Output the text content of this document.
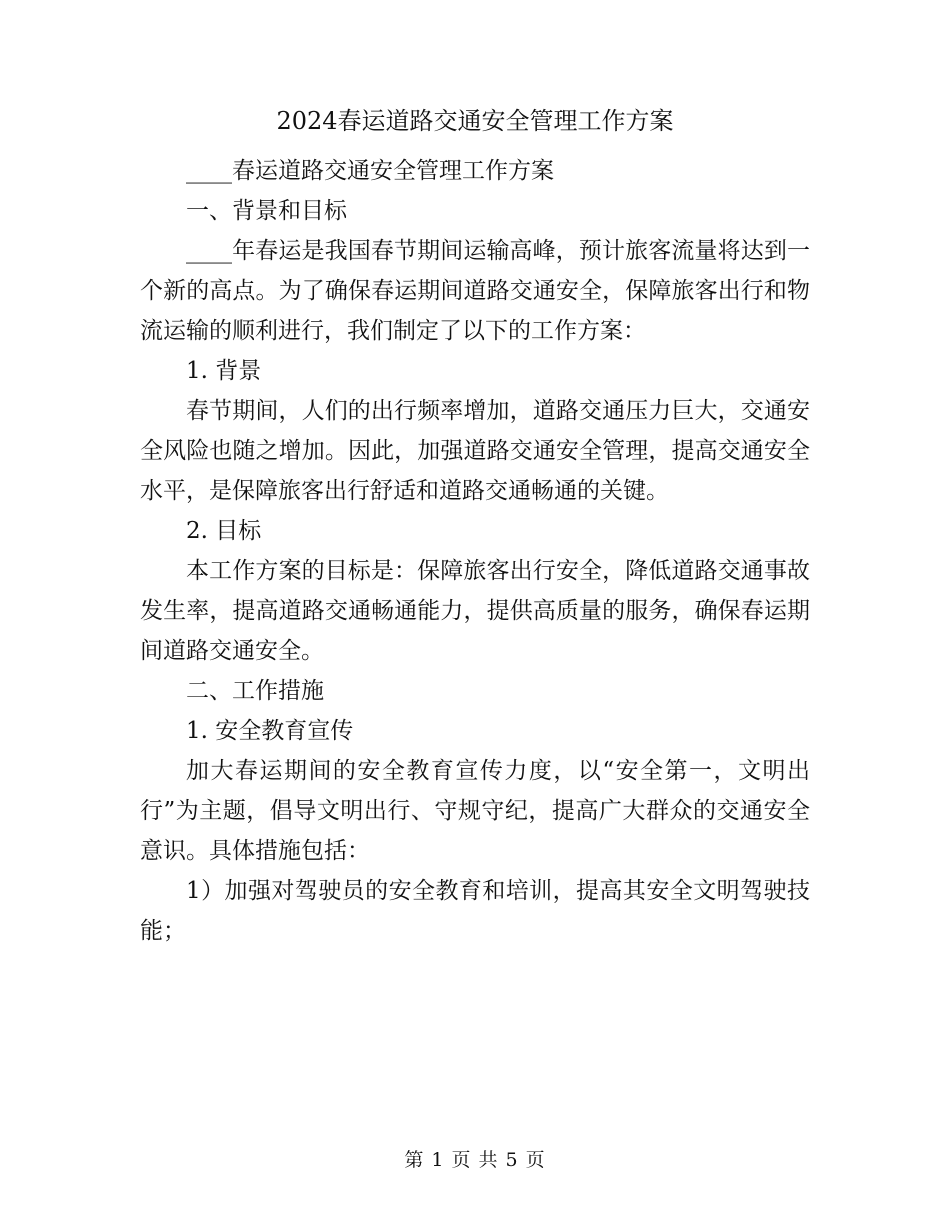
2024春运道路交通安全管理工作方案

____春运道路交通安全管理工作方案

一、背景和目标

____年春运是我国春节期间运输高峰，预计旅客流量将达到一个新的高点。为了确保春运期间道路交通安全，保障旅客出行和物流运输的顺利进行，我们制定了以下的工作方案：

1. 背景

春节期间，人们的出行频率增加，道路交通压力巨大，交通安全风险也随之增加。因此，加强道路交通安全管理，提高交通安全水平，是保障旅客出行舒适和道路交通畅通的关键。

2. 目标

本工作方案的目标是：保障旅客出行安全，降低道路交通事故发生率，提高道路交通畅通能力，提供高质量的服务，确保春运期间道路交通安全。

二、工作措施

1. 安全教育宣传

加大春运期间的安全教育宣传力度，以“安全第一，文明出行”为主题，倡导文明出行、守规守纪，提高广大群众的交通安全意识。具体措施包括：

1）加强对驾驶员的安全教育和培训，提高其安全文明驾驶技能；

第 1 页 共 5 页
